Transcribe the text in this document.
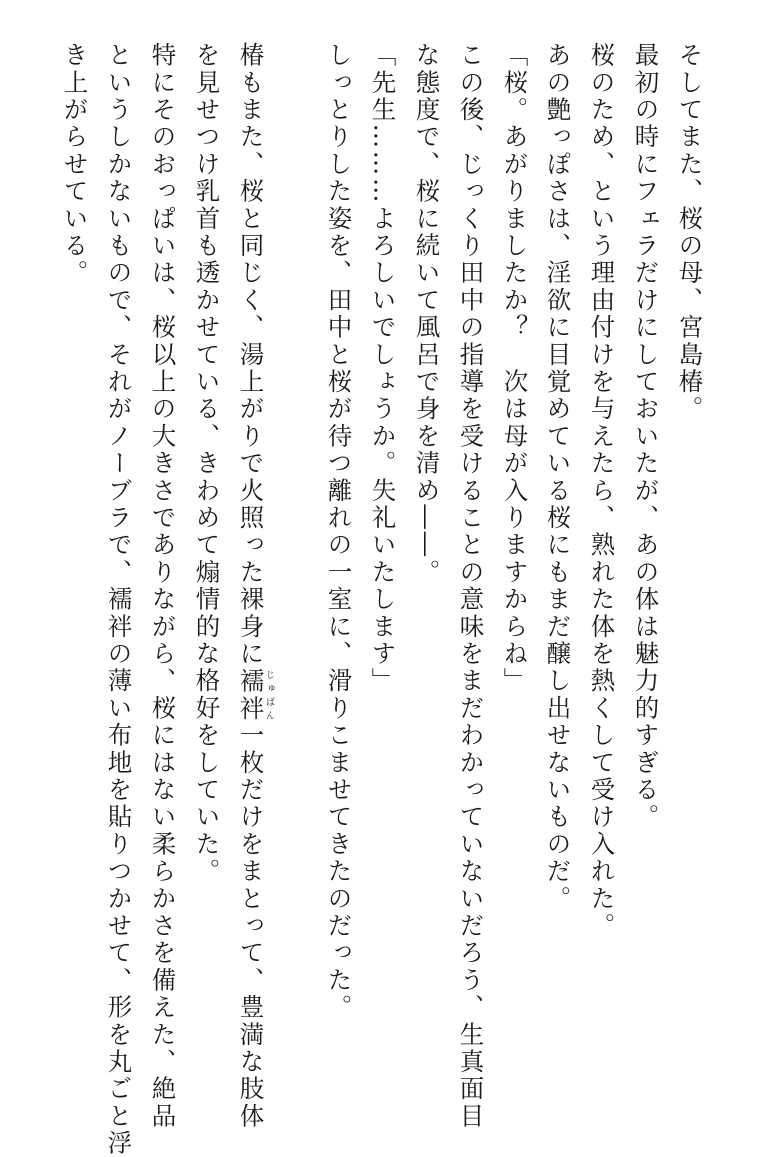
そしてまた、桜の母、宮島椿。
最初の時にフェラだけにしておいたが、あの体は魅力的すぎる。
桜のため、という理由付けを与えたら、熟れた体を熱くして受け入れた。
あの艶っぽさは、淫欲に目覚めている桜にもまだ醸し出せないものだ。
「桜。あがりましたか？　次は母が入りますからね」
この後、じっくり田中の指導を受けることの意味をまだわかっていないだろう、生真面目
な態度で、桜に続いて風呂で身を清め――。
「先生………よろしいでしょうか。失礼いたします」
しっとりした姿を、田中と桜が待つ離れの一室に、滑りこませてきたのだった。
椿もまた、桜と同じく、湯上がりで火照った裸身に襦袢じゅばん一枚だけをまとって、豊満な肢体
を見せつけ乳首も透かせている、きわめて煽情的な格好をしていた。
特にそのおっぱいは、桜以上の大きさでありながら、桜にはない柔らかさを備えた、絶品
というしかないもので、それがノーブラで、襦袢の薄い布地を貼りつかせて、形を丸ごと浮
き上がらせている。
